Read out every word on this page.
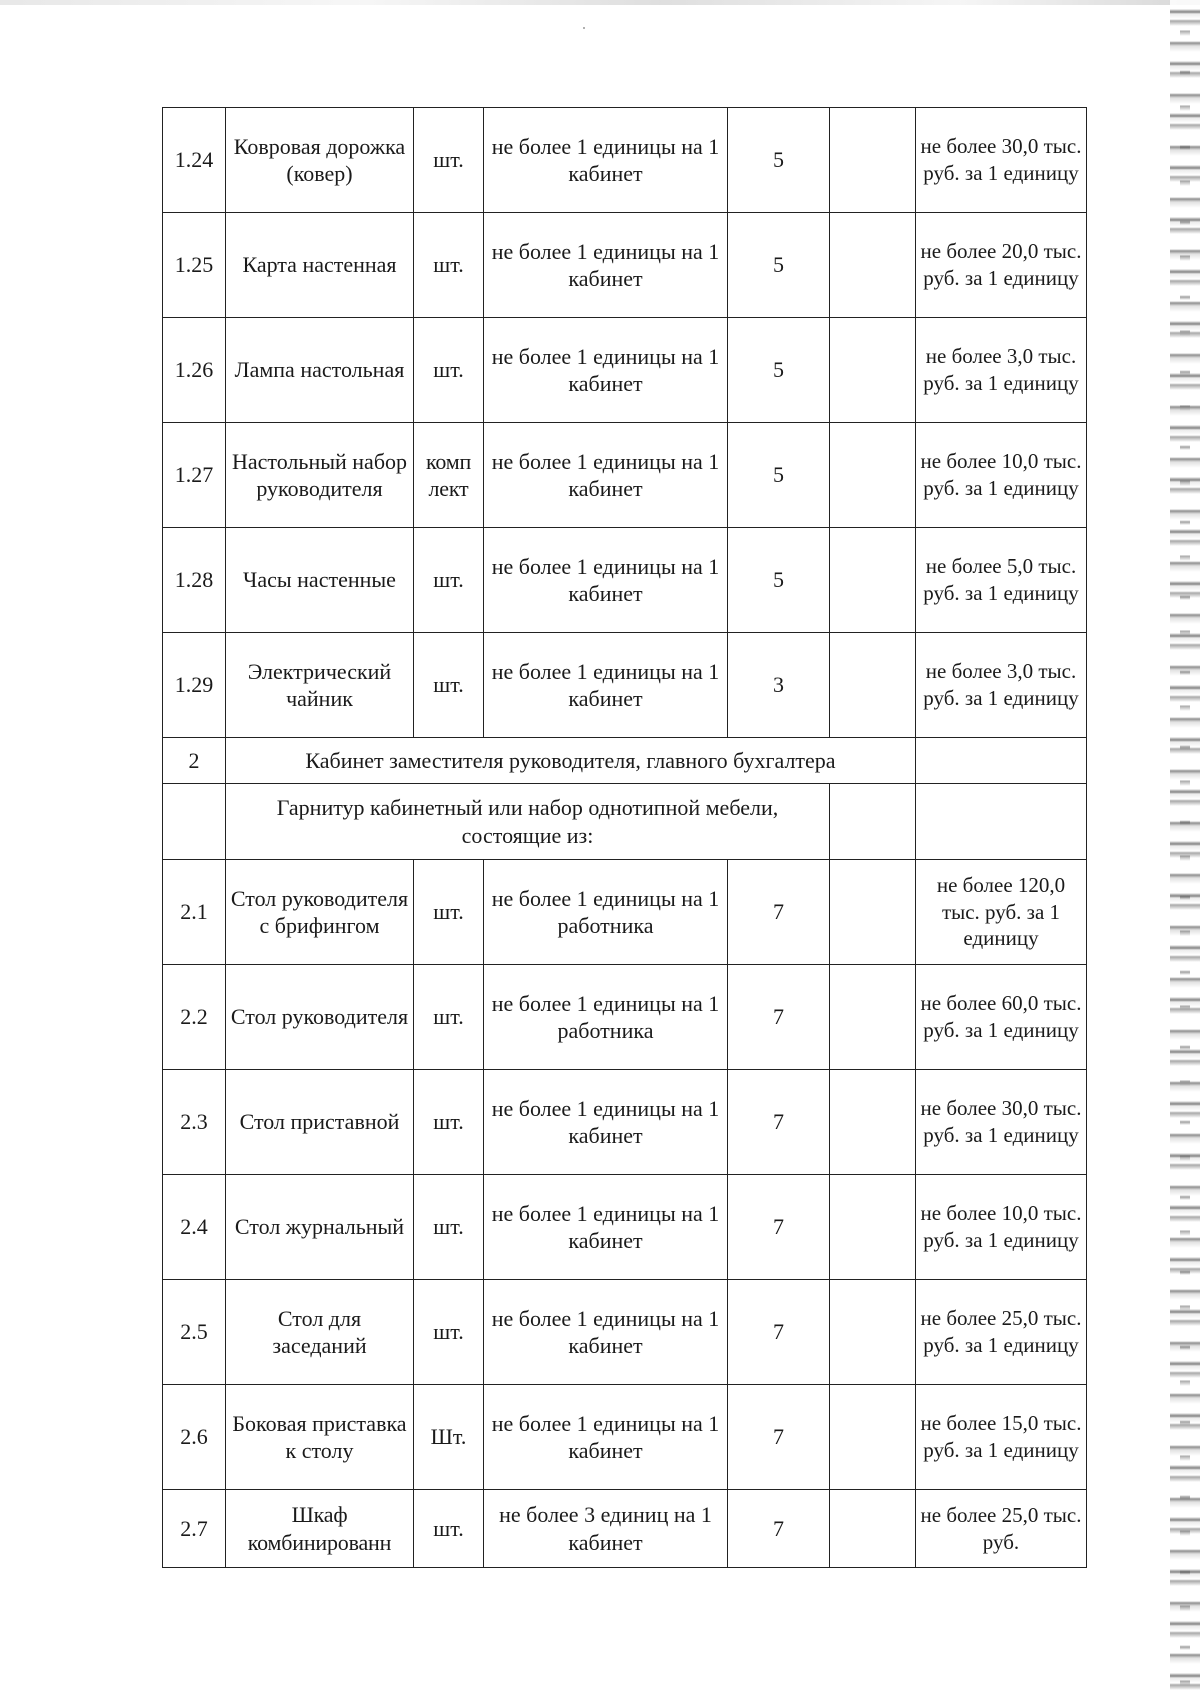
1.24	Ковровая дорожка (ковер)	шт.	не более 1 единицы на 1 кабинет	5		не более 30,0 тыс. руб. за 1 единицу
1.25	Карта настенная	шт.	не более 1 единицы на 1 кабинет	5		не более 20,0 тыс. руб. за 1 единицу
1.26	Лампа настольная	шт.	не более 1 единицы на 1 кабинет	5		не более 3,0 тыс. руб. за 1 единицу
1.27	Настольный набор руководителя	комп лект	не более 1 единицы на 1 кабинет	5		не более 10,0 тыс. руб. за 1 единицу
1.28	Часы настенные	шт.	не более 1 единицы на 1 кабинет	5		не более 5,0 тыс. руб. за 1 единицу
1.29	Электрический чайник	шт.	не более 1 единицы на 1 кабинет	3		не более 3,0 тыс. руб. за 1 единицу
2	Кабинет заместителя руководителя, главного бухгалтера					
	Гарнитур кабинетный или набор однотипной мебели, состоящие из:					
2.1	Стол руководителя с брифингом	шт.	не более 1 единицы на 1 работника	7		не более 120,0 тыс. руб. за 1 единицу
2.2	Стол руководителя	шт.	не более 1 единицы на 1 работника	7		не более 60,0 тыс. руб. за 1 единицу
2.3	Стол приставной	шт.	не более 1 единицы на 1 кабинет	7		не более 30,0 тыс. руб. за 1 единицу
2.4	Стол журнальный	шт.	не более 1 единицы на 1 кабинет	7		не более 10,0 тыс. руб. за 1 единицу
2.5	Стол для заседаний	шт.	не более 1 единицы на 1 кабинет	7		не более 25,0 тыс. руб. за 1 единицу
2.6	Боковая приставка к столу	Шт.	не более 1 единицы на 1 кабинет	7		не более 15,0 тыс. руб. за 1 единицу
2.7	Шкаф комбинированн	шт.	не более 3 единиц на 1 кабинет	7		не более 25,0 тыс. руб.
